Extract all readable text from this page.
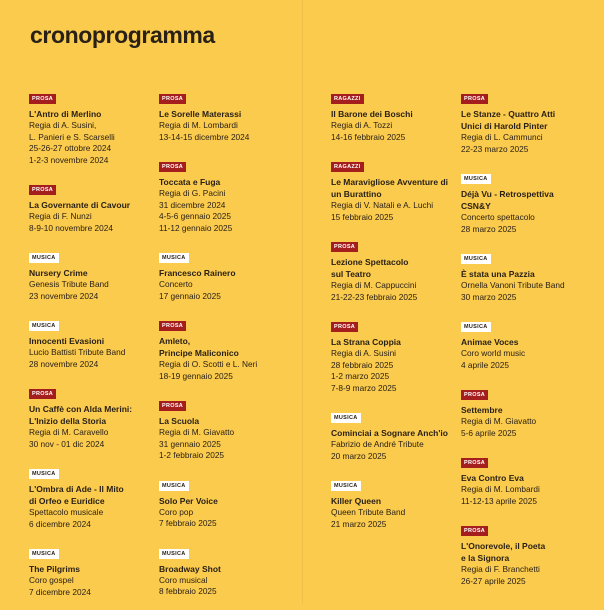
cronoprogramma
PROSA
L'Antro di Merlino
Regia di A. Susini,
L. Panieri e S. Scarselli
25-26-27 ottobre 2024
1-2-3 novembre 2024
PROSA
La Governante di Cavour
Regia di F. Nunzi
8-9-10 novembre 2024
MUSICA
Nursery Crime
Genesis Tribute Band
23 novembre 2024
MUSICA
Innocenti Evasioni
Lucio Battisti Tribute Band
28 novembre 2024
PROSA
Un Caffè con Alda Merini:
L'Inizio della Storia
Regia di M. Caravello
30 nov - 01 dic 2024
MUSICA
L'Ombra di Ade - Il Mito
di Orfeo e Euridice
Spettacolo musicale
6 dicembre 2024
MUSICA
The Pilgrims
Coro gospel
7 dicembre 2024
PROSA
Le Sorelle Materassi
Regia di M. Lombardi
13-14-15 dicembre 2024
PROSA
Toccata e Fuga
Regia di G. Pacini
31 dicembre 2024
4-5-6 gennaio 2025
11-12 gennaio 2025
MUSICA
Francesco Rainero
Concerto
17 gennaio 2025
PROSA
Amleto,
Principe Maliconico
Regia di O. Scotti e L. Neri
18-19 gennaio 2025
PROSA
La Scuola
Regia di M. Giavatto
31 gennaio 2025
1-2 febbraio 2025
MUSICA
Solo Per Voice
Coro pop
7 febbraio 2025
MUSICA
Broadway Shot
Coro musical
8 febbraio 2025
RAGAZZI
Il Barone dei Boschi
Regia di A. Tozzi
14-16 febbraio 2025
RAGAZZI
Le Maravigliose Avventure di
un Burattino
Regia di V. Natali e A. Luchi
15 febbraio 2025
PROSA
Lezione Spettacolo
sul Teatro
Regia di M. Cappuccini
21-22-23 febbraio 2025
PROSA
La Strana Coppia
Regia di A. Susini
28 febbraio 2025
1-2 marzo 2025
7-8-9 marzo 2025
MUSICA
Cominciai a Sognare Anch'io
Fabrizio de André Tribute
20 marzo 2025
MUSICA
Killer Queen
Queen Tribute Band
21 marzo 2025
PROSA
Le Stanze - Quattro Atti
Unici di Harold Pinter
Regia di L. Cammunci
22-23 marzo 2025
MUSICA
Déjà Vu - Retrospettiva
CSN&Y
Concerto spettacolo
28 marzo 2025
MUSICA
È stata una Pazzia
Ornella Vanoni Tribute Band
30 marzo 2025
MUSICA
Animae Voces
Coro world music
4 aprile 2025
PROSA
Settembre
Regia di M. Giavatto
5-6 aprile 2025
PROSA
Eva Contro Eva
Regia di M. Lombardi
11-12-13 aprile 2025
PROSA
L'Onorevole, il Poeta
e la Signora
Regia di F. Branchetti
26-27 aprile 2025
